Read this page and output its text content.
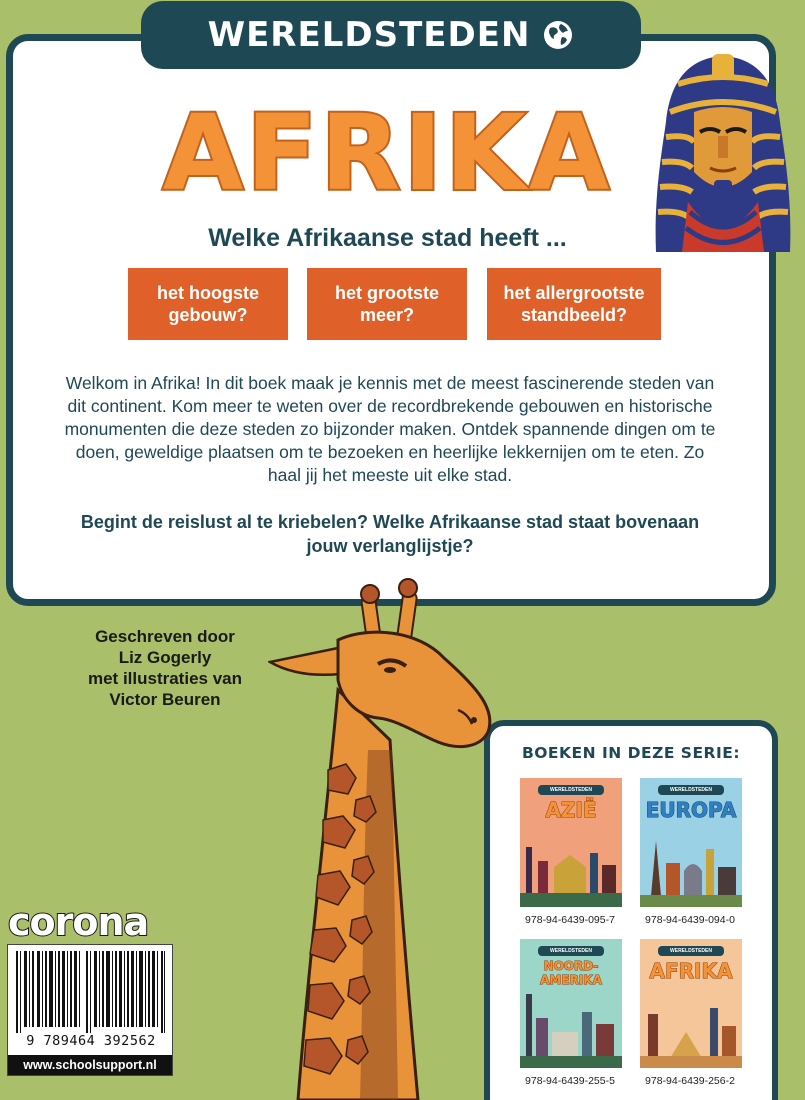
WERELDSTEDEN
AFRIKA
Welke Afrikaanse stad heeft ...
het hoogste gebouw?
het grootste meer?
het allergrootste standbeeld?
Welkom in Afrika! In dit boek maak je kennis met de meest fascinerende steden van dit continent. Kom meer te weten over de recordbrekende gebouwen en historische monumenten die deze steden zo bijzonder maken. Ontdek spannende dingen om te doen, geweldige plaatsen om te bezoeken en heerlijke lekkernijen om te eten. Zo haal jij het meeste uit elke stad.
Begint de reislust al te kriebelen? Welke Afrikaanse stad staat bovenaan jouw verlanglijstje?
Geschreven door
Liz Gogerly
met illustraties van
Victor Beuren
BOEKEN IN DEZE SERIE:
WERELDSTEDEN
AZIË
978-94-6439-095-7
WERELDSTEDEN
EUROPA
978-94-6439-094-0
WERELDSTEDEN
NOORD-AMERIKA
978-94-6439-255-5
WERELDSTEDEN
AFRIKA
978-94-6439-256-2
corona
9 789464 392562
www.schoolsupport.nl
